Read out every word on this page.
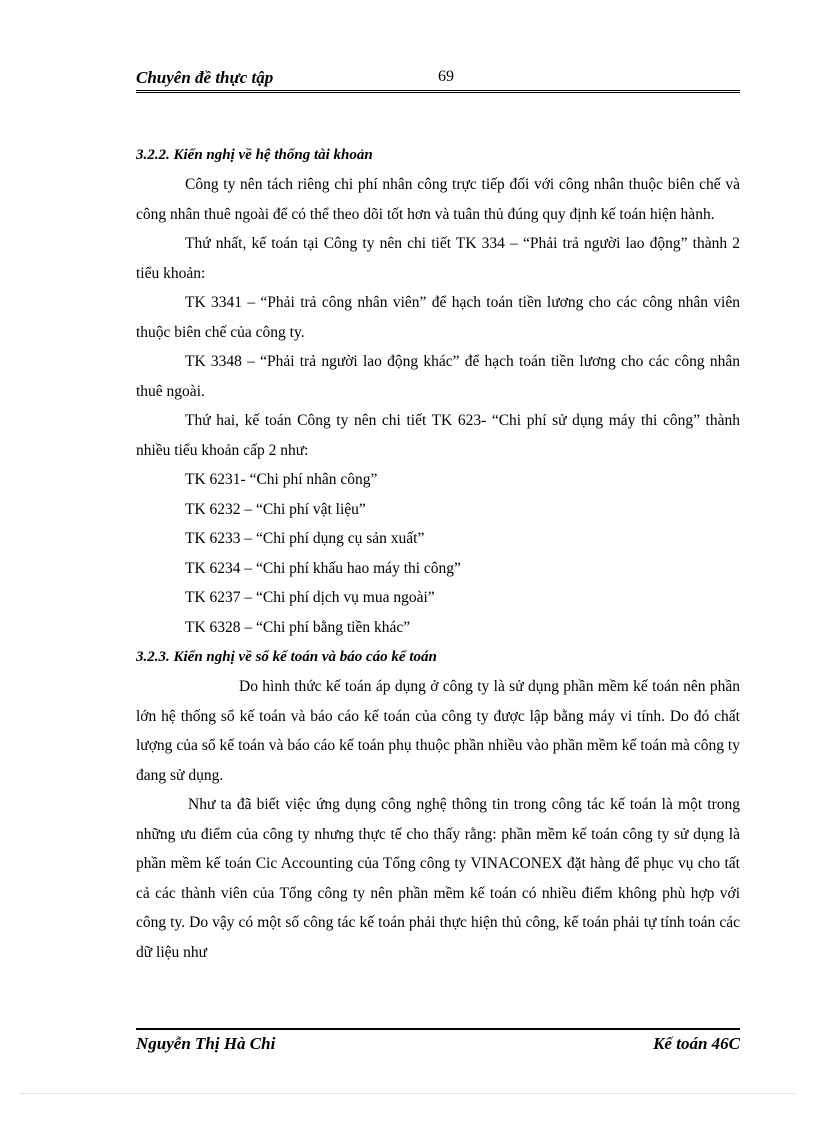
Chuyên đề thực tập	69
3.2.2. Kiến nghị về hệ thống tài khoản

Công ty nên tách riêng chi phí nhân công trực tiếp đối với công nhân thuộc biên chế và công nhân thuê ngoài để có thể theo dõi tốt hơn và tuân thủ đúng quy định kế toán hiện hành.

Thứ nhất, kế toán tại Công ty nên chi tiết TK 334 – “Phải trả người lao động” thành 2 tiểu khoản:

TK 3341 – “Phải trả công nhân viên” để hạch toán tiền lương cho các công nhân viên thuộc biên chế của công ty.

TK 3348 – “Phải trả người lao động khác” để hạch toán tiền lương cho các công nhân thuê ngoài.

Thứ hai, kế toán Công ty nên chi tiết TK 623- “Chi phí sử dụng máy thi công” thành nhiều tiểu khoản cấp 2 như:

TK 6231- “Chi phí nhân công”
TK 6232 – “Chi phí vật liệu”
TK 6233 – “Chi phí dụng cụ sản xuất”
TK 6234 – “Chi phí khấu hao máy thi công”
TK 6237 – “Chi phí dịch vụ mua ngoài”
TK 6328 – “Chi phí bằng tiền khác”
3.2.3. Kiến nghị về sổ kế toán và báo cáo kế toán

Do hình thức kế toán áp dụng ở công ty là sử dụng phần mềm kế toán nên phần lớn hệ thống sổ kế toán và báo cáo kế toán của công ty được lập bằng máy vi tính. Do đó chất lượng của sổ kế toán và báo cáo kế toán phụ thuộc phần nhiều vào phần mềm kế toán mà công ty đang sử dụng.

Như ta đã biết việc ứng dụng công nghệ thông tin trong công tác kế toán là một trong những ưu điểm của công ty nhưng thực tế cho thấy rằng: phần mềm kế toán công ty sử dụng là phần mềm kế toán Cic Accounting của Tổng công ty VINACONEX đặt hàng để phục vụ cho tất cả các thành viên của Tổng công ty nên phần mềm kế toán có nhiều điểm không phù hợp với công ty. Do vậy có một số công tác kế toán phải thực hiện thủ công, kế toán phải tự tính toán các dữ liệu như

Nguyễn Thị Hà Chi	Kế toán 46C
